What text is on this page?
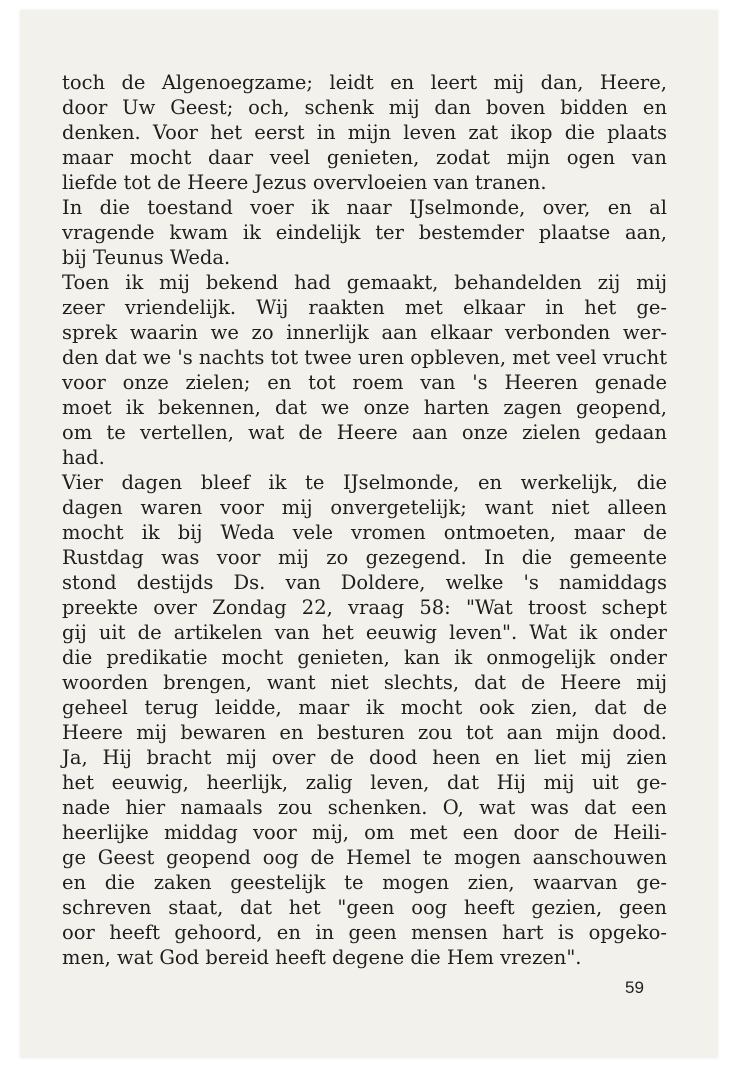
toch de Algenoegzame; leidt en leert mij dan, Heere,
door Uw Geest; och, schenk mij dan boven bidden en
denken. Voor het eerst in mijn leven zat ikop die plaats
maar mocht daar veel genieten, zodat mijn ogen van
liefde tot de Heere Jezus overvloeien van tranen.
In die toestand voer ik naar IJselmonde, over, en al
vragende kwam ik eindelijk ter bestemder plaatse aan,
bij Teunus Weda.
Toen ik mij bekend had gemaakt, behandelden zij mij
zeer vriendelijk. Wij raakten met elkaar in het ge-
sprek waarin we zo innerlijk aan elkaar verbonden wer-
den dat we 's nachts tot twee uren opbleven, met veel vrucht
voor onze zielen; en tot roem van 's Heeren genade
moet ik bekennen, dat we onze harten zagen geopend,
om te vertellen, wat de Heere aan onze zielen gedaan
had.
Vier dagen bleef ik te IJselmonde, en werkelijk, die
dagen waren voor mij onvergetelijk; want niet alleen
mocht ik bij Weda vele vromen ontmoeten, maar de
Rustdag was voor mij zo gezegend. In die gemeente
stond destijds Ds. van Doldere, welke 's namiddags
preekte over Zondag 22, vraag 58: "Wat troost schept
gij uit de artikelen van het eeuwig leven". Wat ik onder
die predikatie mocht genieten, kan ik onmogelijk onder
woorden brengen, want niet slechts, dat de Heere mij
geheel terug leidde, maar ik mocht ook zien, dat de
Heere mij bewaren en besturen zou tot aan mijn dood.
Ja, Hij bracht mij over de dood heen en liet mij zien
het eeuwig, heerlijk, zalig leven, dat Hij mij uit ge-
nade hier namaals zou schenken. O, wat was dat een
heerlijke middag voor mij, om met een door de Heili-
ge Geest geopend oog de Hemel te mogen aanschouwen
en die zaken geestelijk te mogen zien, waarvan ge-
schreven staat, dat het "geen oog heeft gezien, geen
oor heeft gehoord, en in geen mensen hart is opgeko-
men, wat God bereid heeft degene die Hem vrezen".
59
